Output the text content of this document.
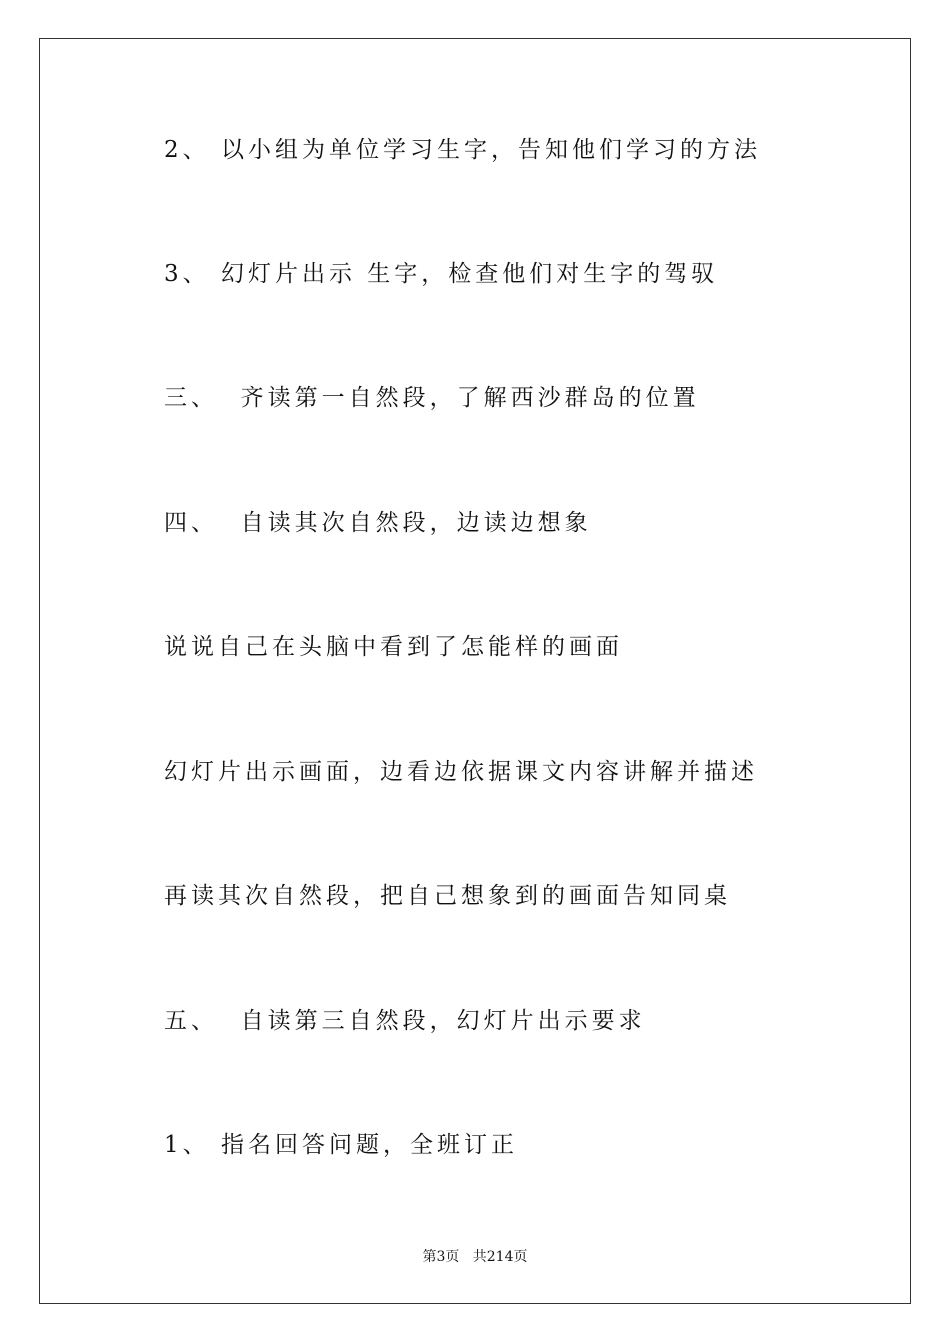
2、 以小组为单位学习生字，告知他们学习的方法
3、 幻灯片出示 生字，检查他们对生字的驾驭
三、  齐读第一自然段，了解西沙群岛的位置
四、  自读其次自然段，边读边想象
说说自己在头脑中看到了怎能样的画面
幻灯片出示画面，边看边依据课文内容讲解并描述
再读其次自然段，把自己想象到的画面告知同桌
五、  自读第三自然段，幻灯片出示要求
1、 指名回答问题，全班订正
第3页   共214页
